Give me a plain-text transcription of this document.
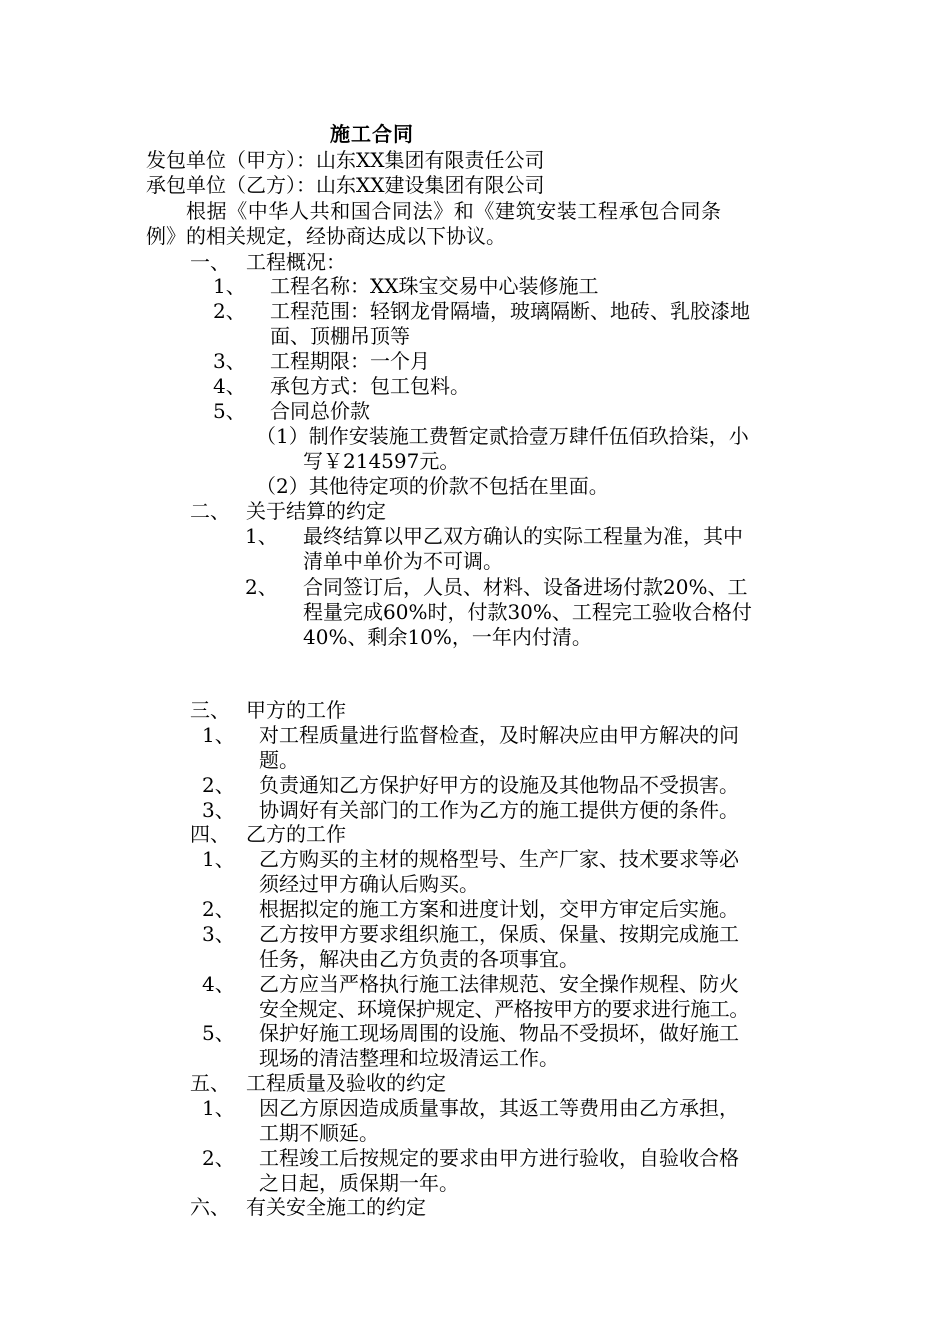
施工合同
发包单位（甲方）：山东XX集团有限责任公司
承包单位（乙方）：山东XX建设集团有限公司
根据《中华人共和国合同法》和《建筑安装工程承包合同条
例》的相关规定，经协商达成以下协议。
一、 工程概况：
1、 工程名称：XX珠宝交易中心装修施工
2、 工程范围：轻钢龙骨隔墙，玻璃隔断、地砖、乳胶漆地
面、顶棚吊顶等
3、 工程期限：一个月
4、 承包方式：包工包料。
5、 合同总价款
（1）制作安装施工费暂定贰拾壹万肆仟伍佰玖拾柒，小
写￥214597元。
（2）其他待定项的价款不包括在里面。
二、 关于结算的约定
1、 最终结算以甲乙双方确认的实际工程量为准，其中
清单中单价为不可调。
2、 合同签订后，人员、材料、设备进场付款20%、工
程量完成60%时，付款30%、工程完工验收合格付
40%、剩余10%，一年内付清。
三、 甲方的工作
1、 对工程质量进行监督检查，及时解决应由甲方解决的问
题。
2、 负责通知乙方保护好甲方的设施及其他物品不受损害。
3、 协调好有关部门的工作为乙方的施工提供方便的条件。
四、 乙方的工作
1、 乙方购买的主材的规格型号、生产厂家、技术要求等必
须经过甲方确认后购买。
2、 根据拟定的施工方案和进度计划，交甲方审定后实施。
3、 乙方按甲方要求组织施工，保质、保量、按期完成施工
任务，解决由乙方负责的各项事宜。
4、 乙方应当严格执行施工法律规范、安全操作规程、防火
安全规定、环境保护规定、严格按甲方的要求进行施工。
5、 保护好施工现场周围的设施、物品不受损坏，做好施工
现场的清洁整理和垃圾清运工作。
五、 工程质量及验收的约定
1、 因乙方原因造成质量事故，其返工等费用由乙方承担，
工期不顺延。
2、 工程竣工后按规定的要求由甲方进行验收，自验收合格
之日起，质保期一年。
六、 有关安全施工的约定
